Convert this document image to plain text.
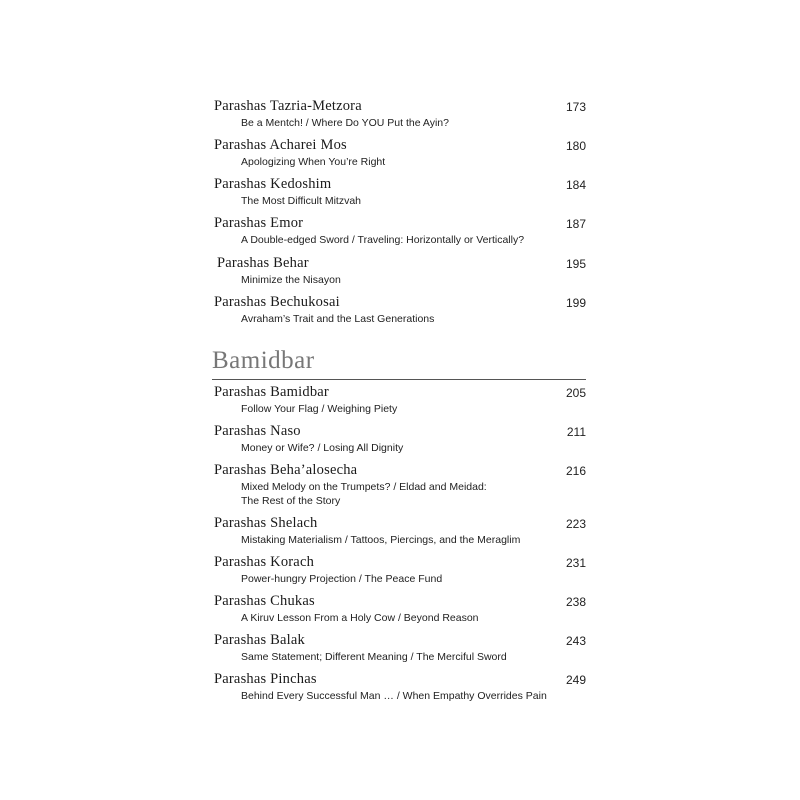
Parashas Tazria-Metzora	173
Be a Mentch! / Where Do YOU Put the Ayin?
Parashas Acharei Mos	180
Apologizing When You’re Right
Parashas Kedoshim	184
The Most Difficult Mitzvah
Parashas Emor	187
A Double-edged Sword / Traveling: Horizontally or Vertically?
Parashas Behar	195
Minimize the Nisayon
Parashas Bechukosai	199
Avraham’s Trait and the Last Generations
Bamidbar
Parashas Bamidbar	205
Follow Your Flag / Weighing Piety
Parashas Naso	211
Money or Wife? / Losing All Dignity
Parashas Beha’alosecha	216
Mixed Melody on the Trumpets? / Eldad and Meidad:
The Rest of the Story
Parashas Shelach	223
Mistaking Materialism / Tattoos, Piercings, and the Meraglim
Parashas Korach	231
Power-hungry Projection / The Peace Fund
Parashas Chukas	238
A Kiruv Lesson From a Holy Cow / Beyond Reason
Parashas Balak	243
Same Statement; Different Meaning / The Merciful Sword
Parashas Pinchas	249
Behind Every Successful Man … / When Empathy Overrides Pain
